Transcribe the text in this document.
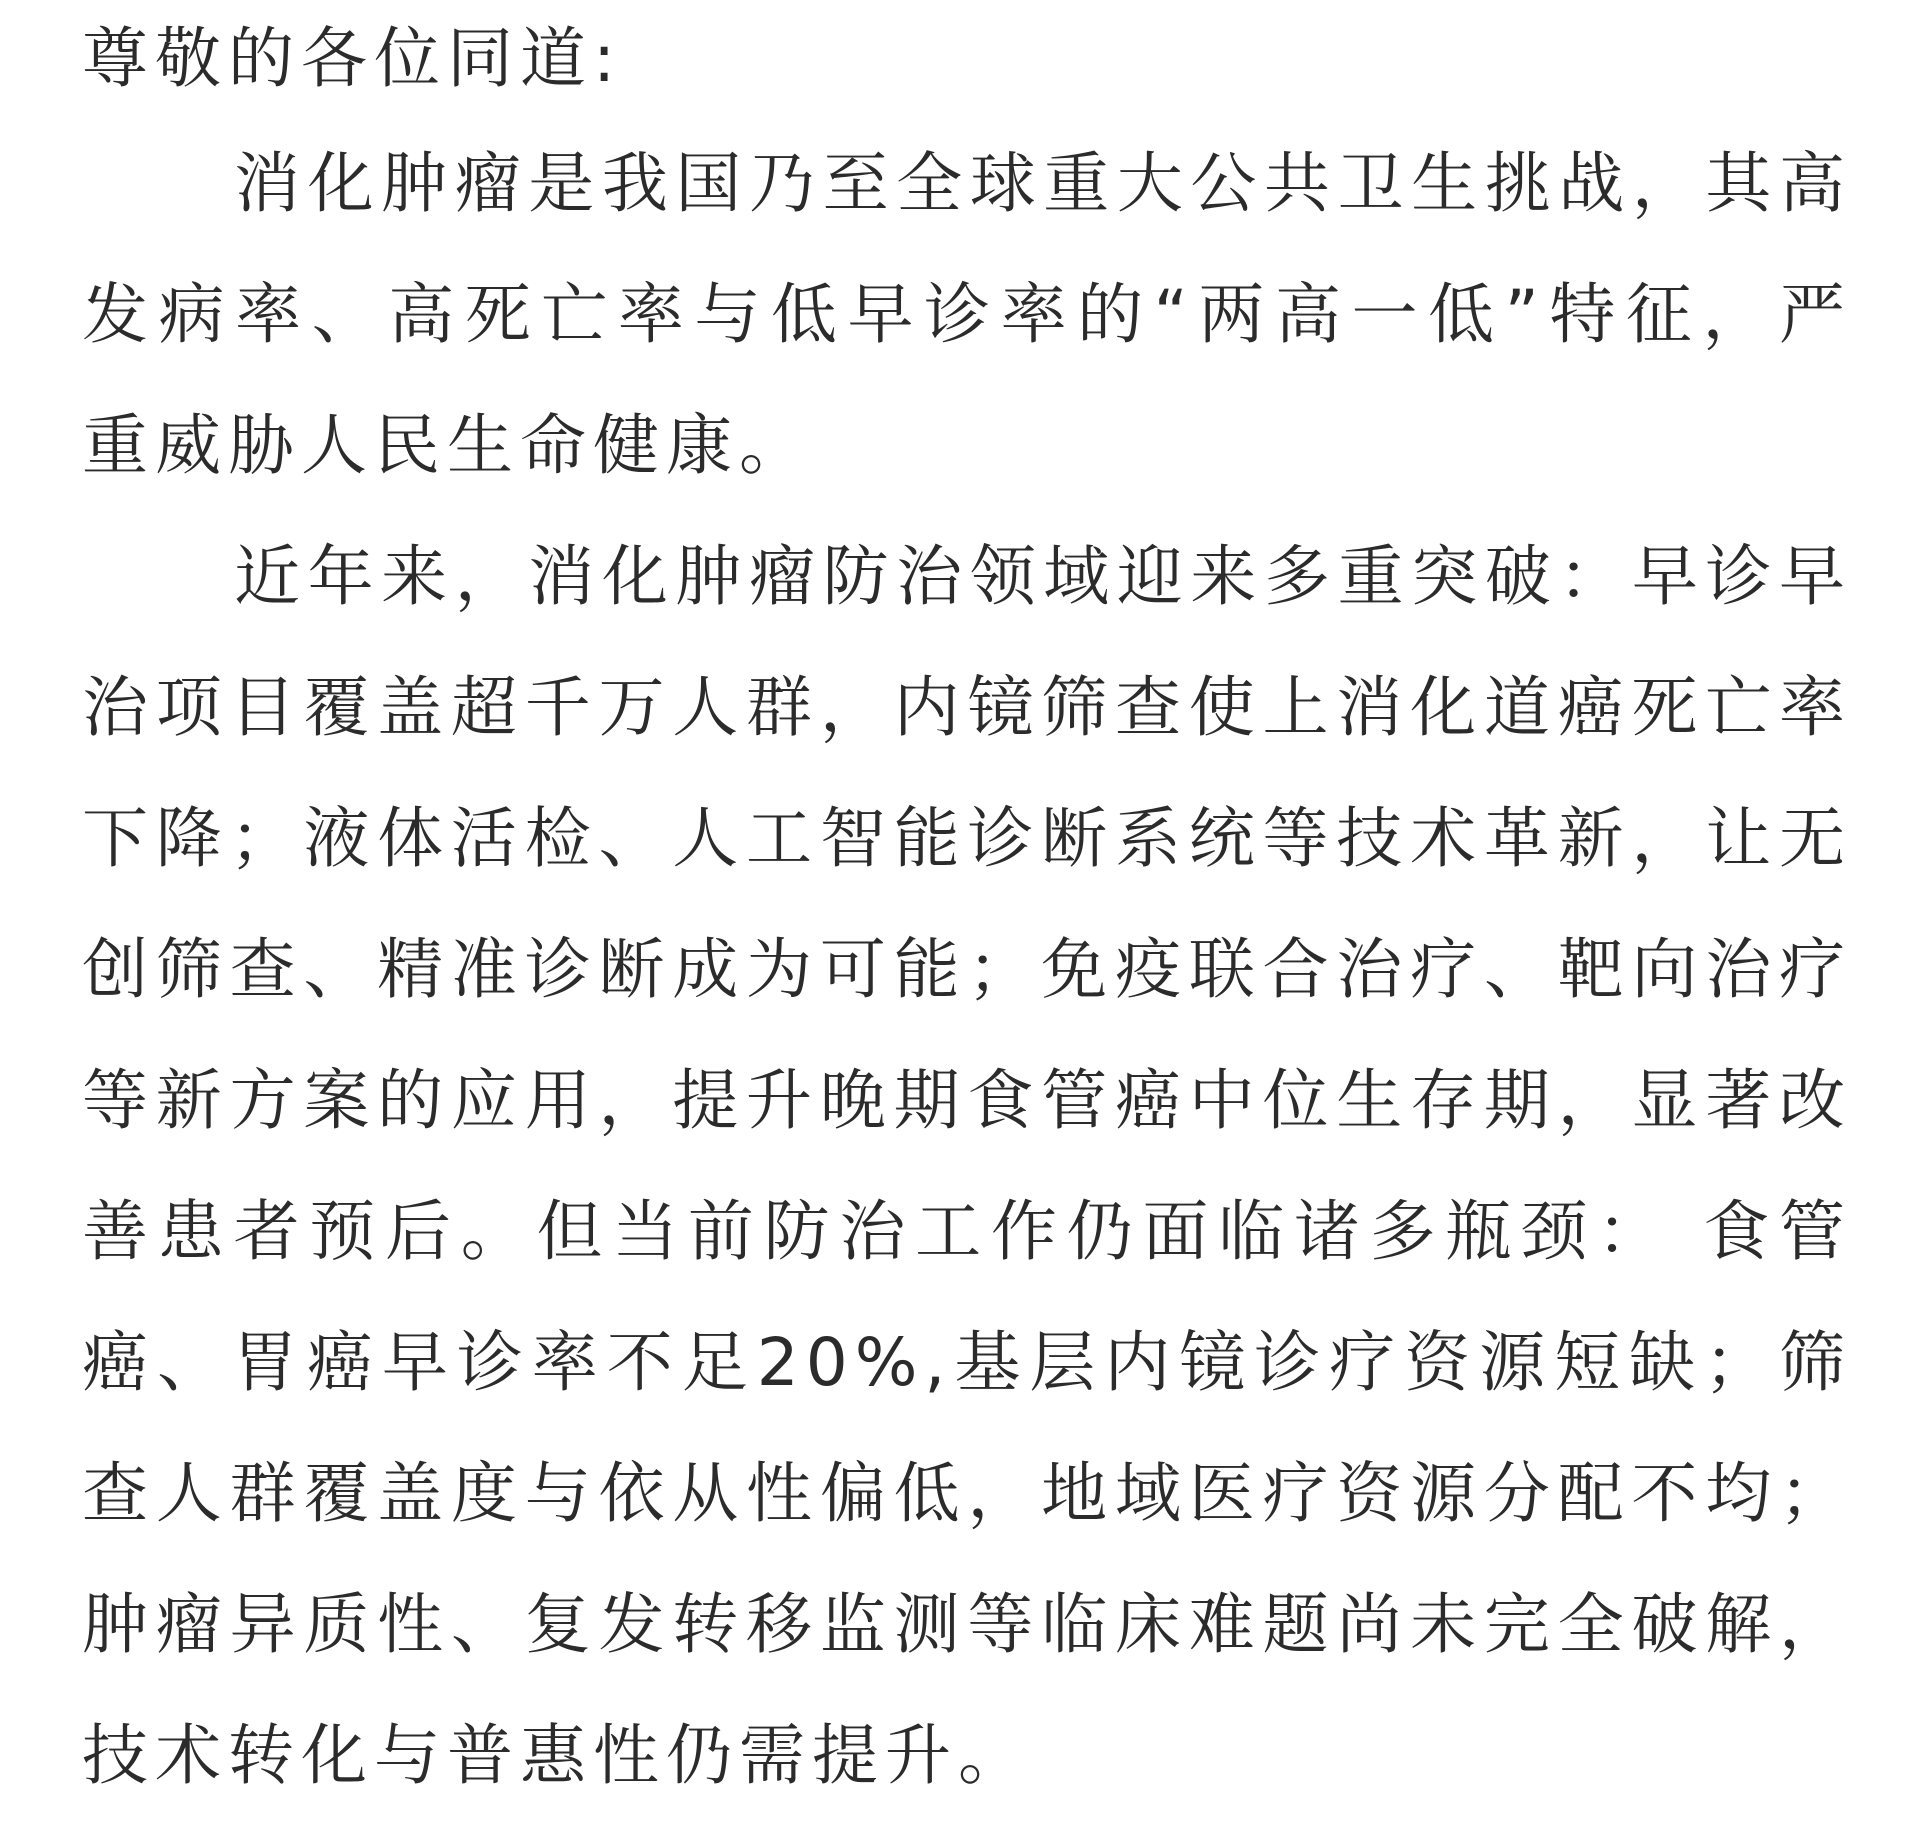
尊敬的各位同道:
消化肿瘤是我国乃至全球重大公共卫生挑战，其高
发病率、高死亡率与低早诊率的“两高一低”特征，严
重威胁人民生命健康。
近年来，消化肿瘤防治领域迎来多重突破：早诊早
治项目覆盖超千万人群，内镜筛查使上消化道癌死亡率
下降；液体活检、人工智能诊断系统等技术革新，让无
创筛查、精准诊断成为可能；免疫联合治疗、靶向治疗
等新方案的应用，提升晚期食管癌中位生存期，显著改
善患者预后。但当前防治工作仍面临诸多瓶颈： 食管
癌、胃癌早诊率不足20%,基层内镜诊疗资源短缺；筛
查人群覆盖度与依从性偏低，地域医疗资源分配不均；
肿瘤异质性、复发转移监测等临床难题尚未完全破解，
技术转化与普惠性仍需提升。
